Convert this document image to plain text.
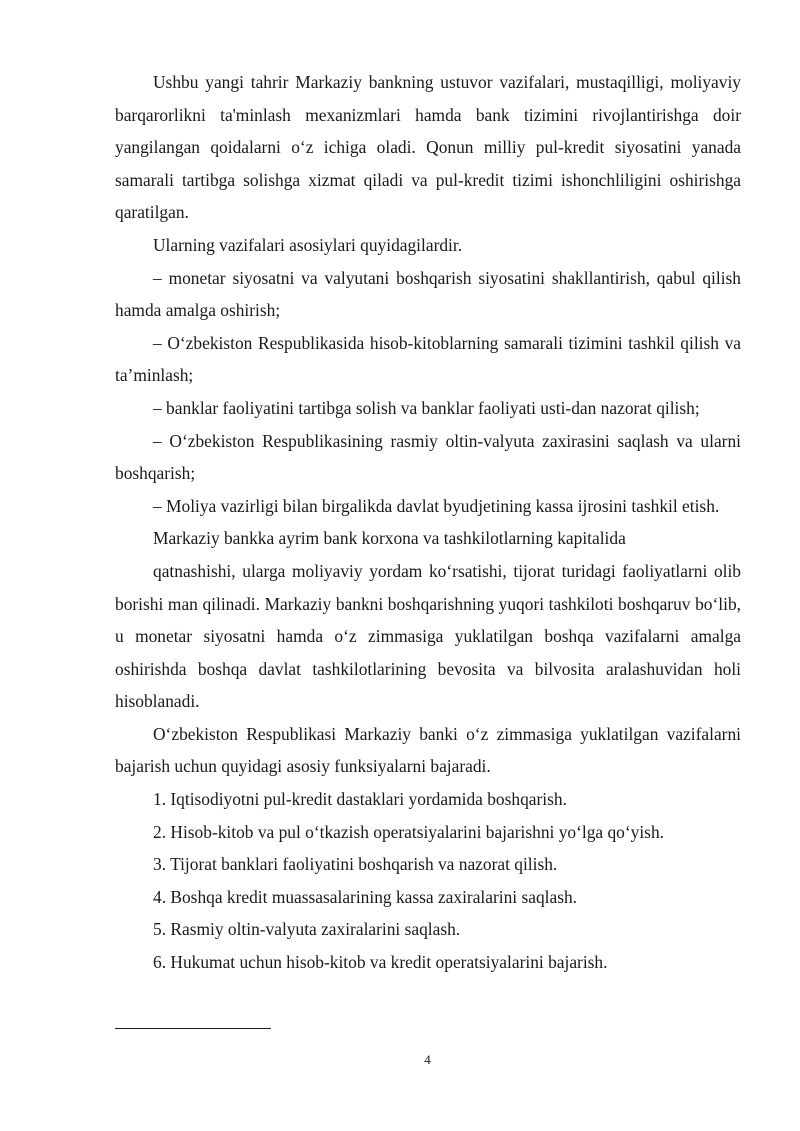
Ushbu yangi tahrir Markaziy bankning ustuvor vazifalari, mustaqilligi, moliyaviy barqarorlikni ta'minlash mexanizmlari hamda bank tizimini rivojlantirishga doir yangilangan qoidalarni o‘z ichiga oladi. Qonun milliy pul-kredit siyosatini yanada samarali tartibga solishga xizmat qiladi va pul-kredit tizimi ishonchliligini oshirishga qaratilgan.

Ularning vazifalari asosiylari quyidagilardir.

– monetar siyosatni va valyutani boshqarish siyosatini shakllantirish, qabul qilish hamda amalga oshirish;

– O‘zbekiston Respublikasida hisob-kitoblarning samarali tizimini tashkil qilish va ta’minlash;

– banklar faoliyatini tartibga solish va banklar faoliyati usti-dan nazorat qilish;

– O‘zbekiston Respublikasining rasmiy oltin-valyuta zaxirasini saqlash va ularni boshqarish;

– Moliya vazirligi bilan birgalikda davlat byudjetining kassa ijrosini tashkil etish.

Markaziy bankka ayrim bank korxona va tashkilotlarning kapitalida

qatnashishi, ularga moliyaviy yordam ko‘rsatishi, tijorat turidagi faoliyatlarni olib borishi man qilinadi. Markaziy bankni boshqarishning yuqori tashkiloti boshqaruv bo‘lib, u monetar siyosatni hamda o‘z zimmasiga yuklatilgan boshqa vazifalarni amalga oshirishda boshqa davlat tashkilotlarining bevosita va bilvosita aralashuvidan holi hisoblanadi.

O‘zbekiston Respublikasi Markaziy banki o‘z zimmasiga yuklatilgan vazifalarni bajarish uchun quyidagi asosiy funksiyalarni bajaradi.

1. Iqtisodiyotni pul-kredit dastaklari yordamida boshqarish.

2. Hisob-kitob va pul o‘tkazish operatsiyalarini bajarishni yo‘lga qo‘yish.

3. Tijorat banklari faoliyatini boshqarish va nazorat qilish.

4. Boshqa kredit muassasalarining kassa zaxiralarini saqlash.

5. Rasmiy oltin-valyuta zaxiralarini saqlash.

6. Hukumat uchun hisob-kitob va kredit operatsiyalarini bajarish.

4
